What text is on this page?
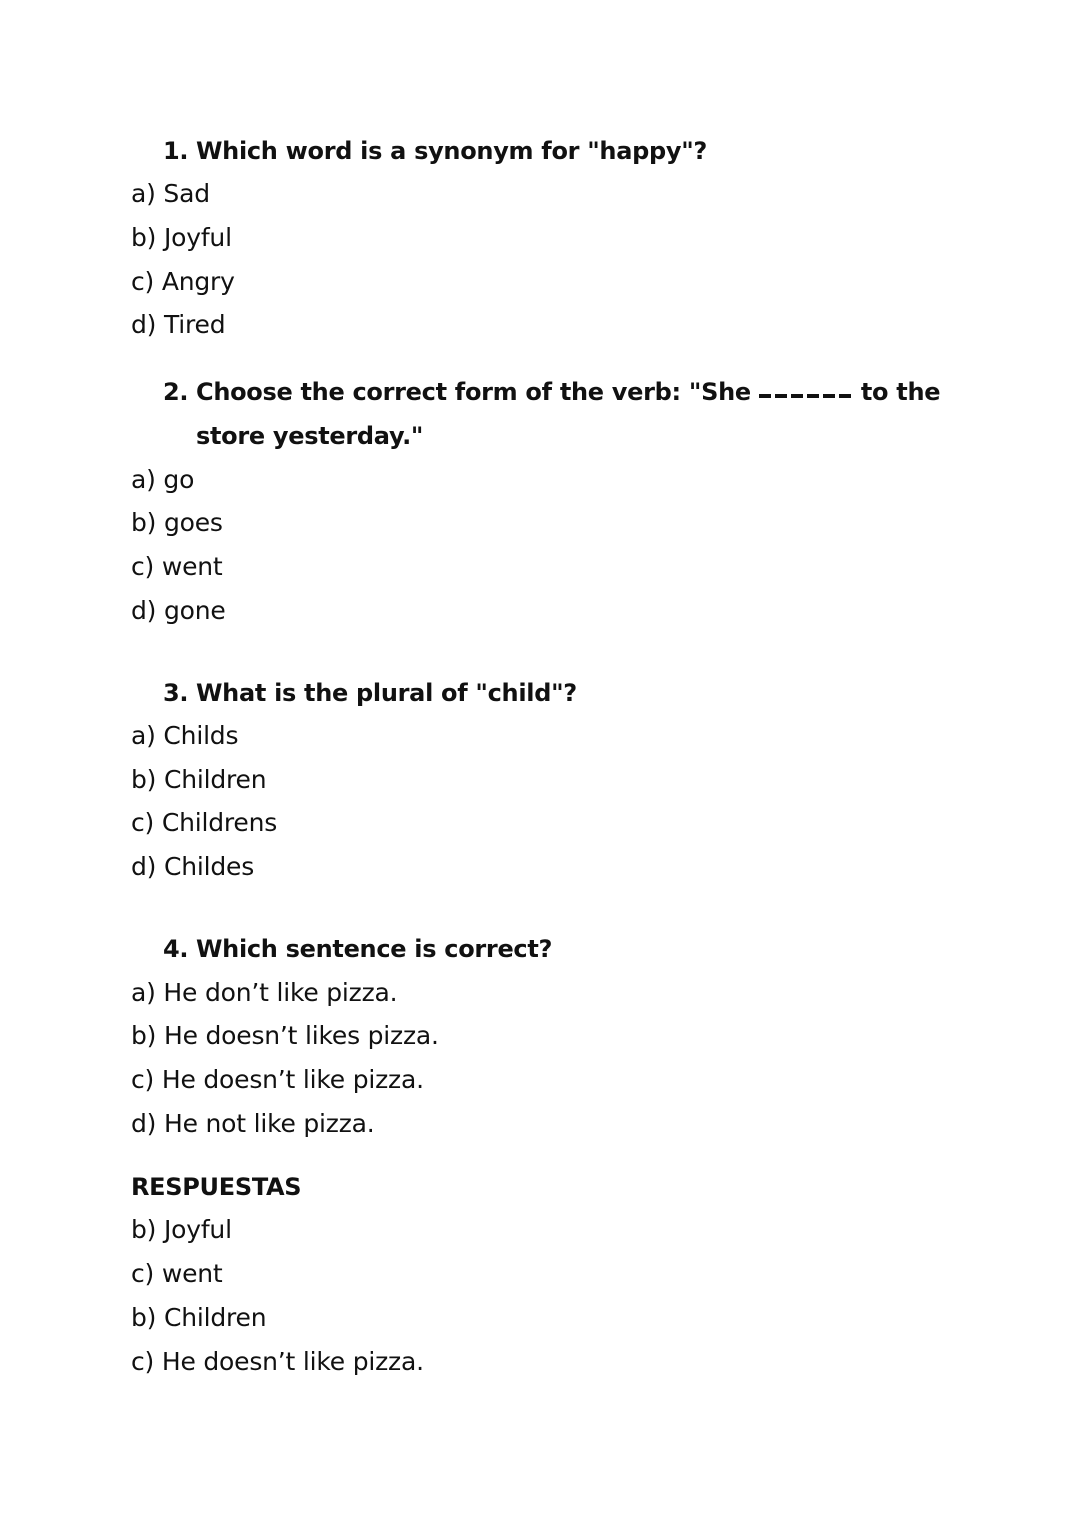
1. Which word is a synonym for "happy"?
a) Sad
b) Joyful
c) Angry
d) Tired
2. Choose the correct form of the verb: "She	to the
store yesterday."
a) go
b) goes
c) went
d) gone
3. What is the plural of "child"?
a) Childs
b) Children
c) Childrens
d) Childes
4. Which sentence is correct?
a) He don’t like pizza.
b) He doesn’t likes pizza.
c) He doesn’t like pizza.
d) He not like pizza.
RESPUESTAS
b) Joyful
c) went
b) Children
c) He doesn’t like pizza.
